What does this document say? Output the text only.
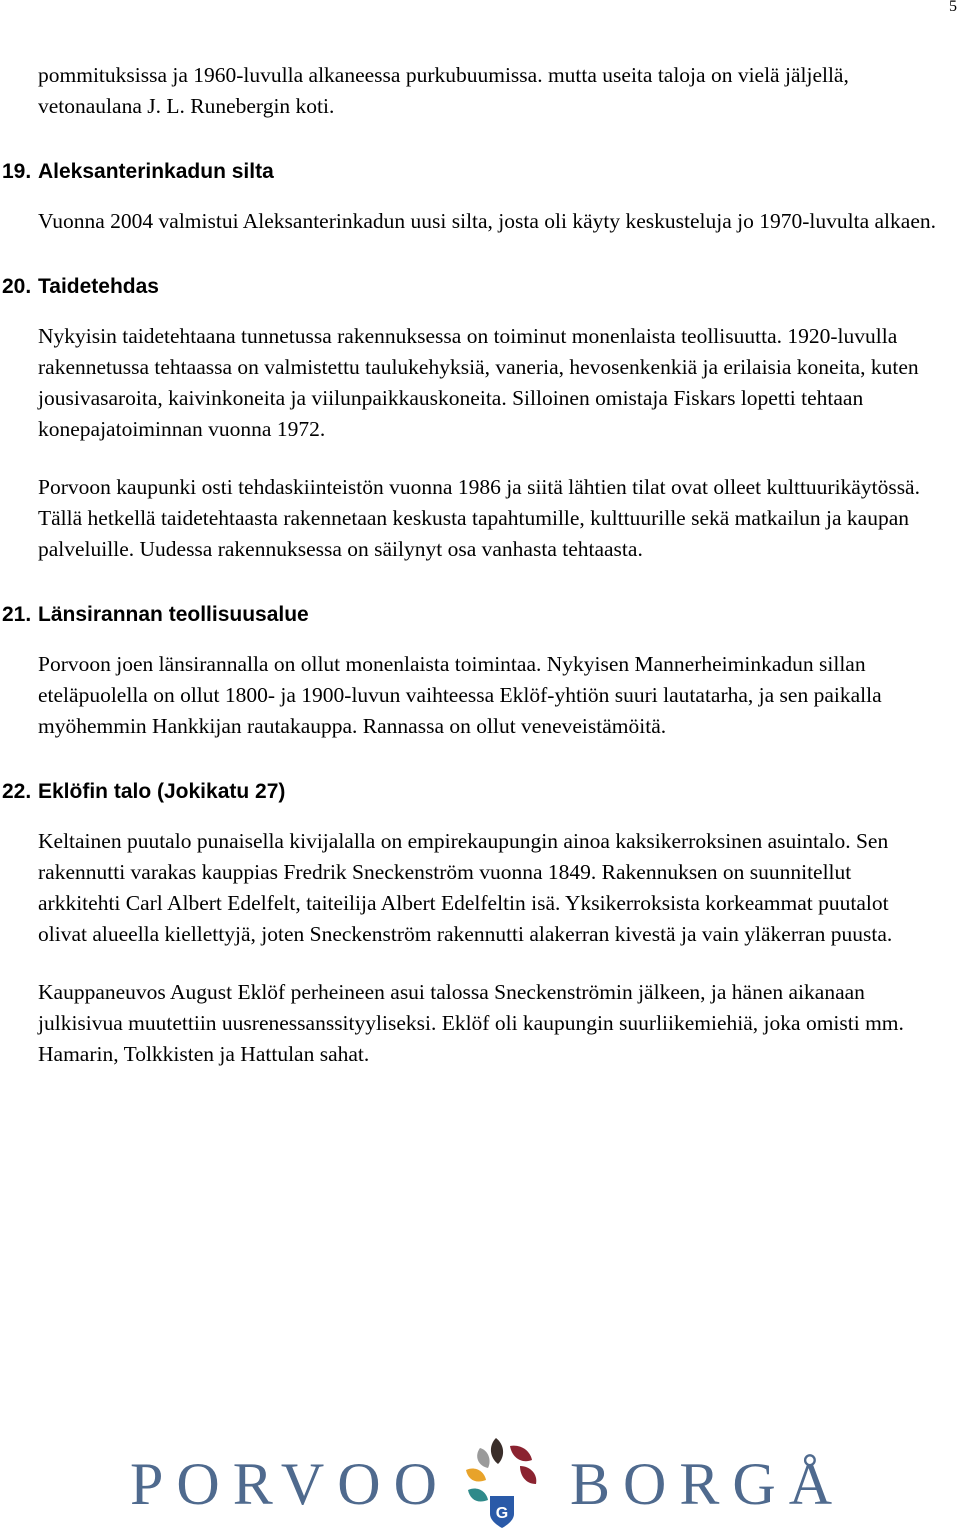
5

pommituksissa ja 1960-luvulla alkaneessa purkubuumissa. mutta useita taloja on vielä jäljellä, vetonaulana J. L. Runebergin koti.

19. Aleksanterinkadun silta

Vuonna 2004 valmistui Aleksanterinkadun uusi silta, josta oli käyty keskusteluja jo 1970-luvulta alkaen.

20. Taidetehdas

Nykyisin taidetehtaana tunnetussa rakennuksessa on toiminut monenlaista teollisuutta. 1920-luvulla rakennetussa tehtaassa on valmistettu taulukehyksiä, vaneria, hevosenkenkiä ja erilaisia koneita, kuten jousivasaroita, kaivinkoneita ja viilunpaikkauskoneita. Silloinen omistaja Fiskars lopetti tehtaan konepajatoiminnan vuonna 1972.

Porvoon kaupunki osti tehdaskiinteistön vuonna 1986 ja siitä lähtien tilat ovat olleet kulttuurikäytössä. Tällä hetkellä taidetehtaasta rakennetaan keskusta tapahtumille, kulttuurille sekä matkailun ja kaupan palveluille. Uudessa rakennuksessa on säilynyt osa vanhasta tehtaasta.

21. Länsirannan teollisuusalue

Porvoon joen länsirannalla on ollut monenlaista toimintaa. Nykyisen Mannerheiminkadun sillan eteläpuolella on ollut 1800- ja 1900-luvun vaihteessa Eklöf-yhtiön suuri lautatarha, ja sen paikalla myöhemmin Hankkijan rautakauppa. Rannassa on ollut veneveistämöitä.

22. Eklöfin talo (Jokikatu 27)

Keltainen puutalo punaisella kivijalalla on empirekaupungin ainoa kaksikerroksinen asuintalo. Sen rakennutti varakas kauppias Fredrik Sneckenström vuonna 1849. Rakennuksen on suunnitellut arkkitehti Carl Albert Edelfelt, taiteilija Albert Edelfeltin isä. Yksikerroksista korkeammat puutalot olivat alueella kiellettyjä, joten Sneckenström rakennutti alakerran kivestä ja vain yläkerran puusta.

Kauppaneuvos August Eklöf perheineen asui talossa Sneckenströmin jälkeen, ja hänen aikanaan julkisivua muutettiin uusrenessanssityyliseksi. Eklöf oli kaupungin suurliikemiehiä, joka omisti mm. Hamarin, Tolkkisten ja Hattulan sahat.

PORVOO	G BORGÅ
